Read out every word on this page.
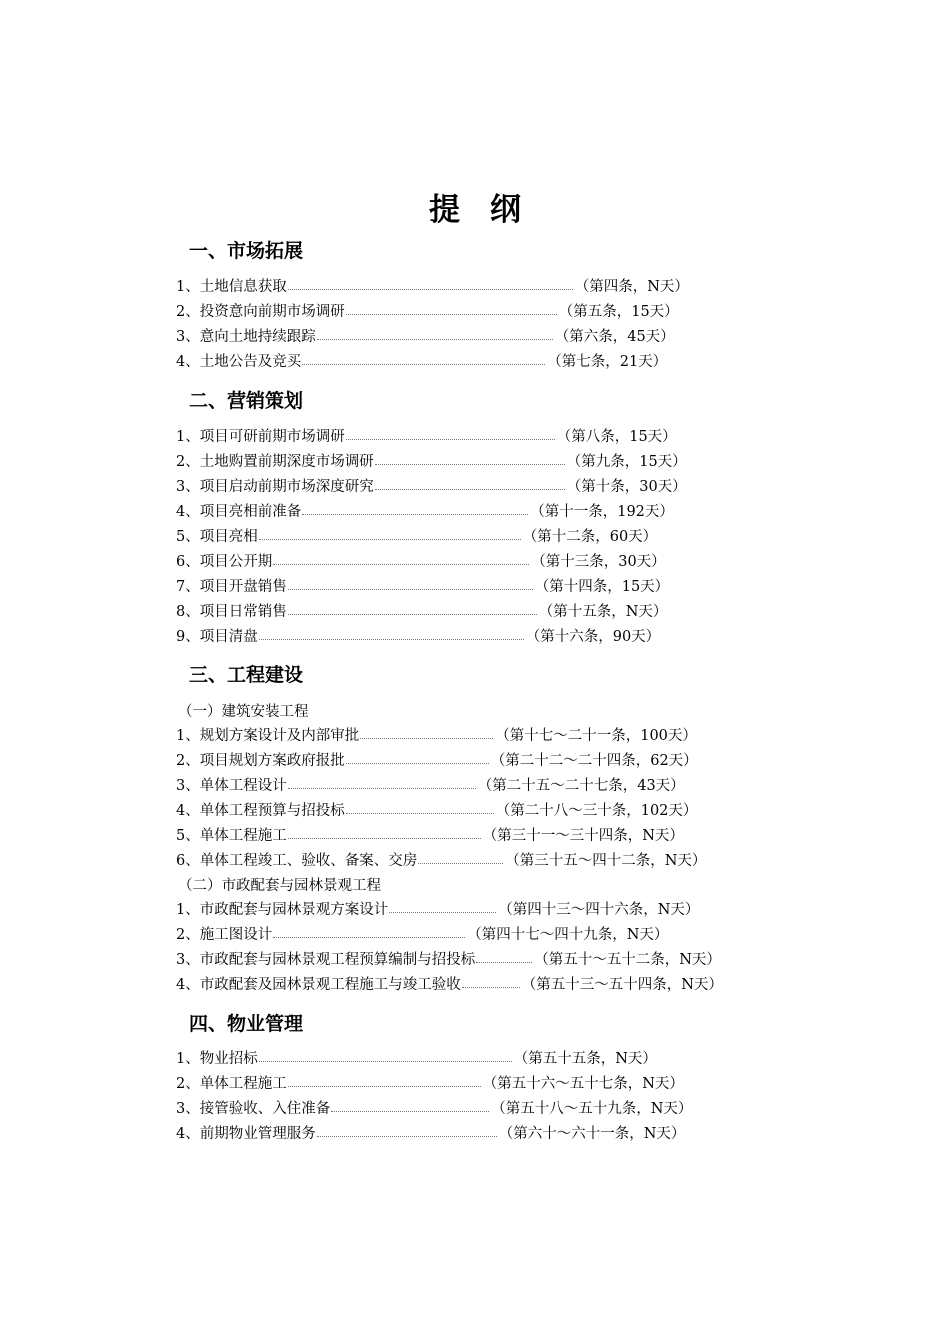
提 纲
一、市场拓展
1、土地信息获取	（第四条，N天）
2、投资意向前期市场调研	（第五条，15天）
3、意向土地持续跟踪	（第六条，45天）
4、土地公告及竞买	（第七条，21天）
二、营销策划
1、项目可研前期市场调研	（第八条，15天）
2、土地购置前期深度市场调研	（第九条，15天）
3、项目启动前期市场深度研究	（第十条，30天）
4、项目亮相前准备	（第十一条，192天）
5、项目亮相	（第十二条，60天）
6、项目公开期	（第十三条，30天）
7、项目开盘销售	（第十四条，15天）
8、项目日常销售	（第十五条，N天）
9、项目清盘	（第十六条，90天）
三、工程建设
（一）建筑安装工程
1、规划方案设计及内部审批	（第十七～二十一条，100天）
2、项目规划方案政府报批	（第二十二～二十四条，62天）
3、单体工程设计	（第二十五～二十七条，43天）
4、单体工程预算与招投标	（第二十八～三十条，102天）
5、单体工程施工	（第三十一～三十四条，N天）
6、单体工程竣工、验收、备案、交房	（第三十五～四十二条，N天）
（二）市政配套与园林景观工程
1、市政配套与园林景观方案设计	（第四十三～四十六条，N天）
2、施工图设计	（第四十七～四十九条，N天）
3、市政配套与园林景观工程预算编制与招投标	（第五十～五十二条，N天）
4、市政配套及园林景观工程施工与竣工验收	（第五十三～五十四条，N天）
四、物业管理
1、物业招标	（第五十五条，N天）
2、单体工程施工	（第五十六～五十七条，N天）
3、接管验收、入住准备	（第五十八～五十九条，N天）
4、前期物业管理服务	（第六十～六十一条，N天）
